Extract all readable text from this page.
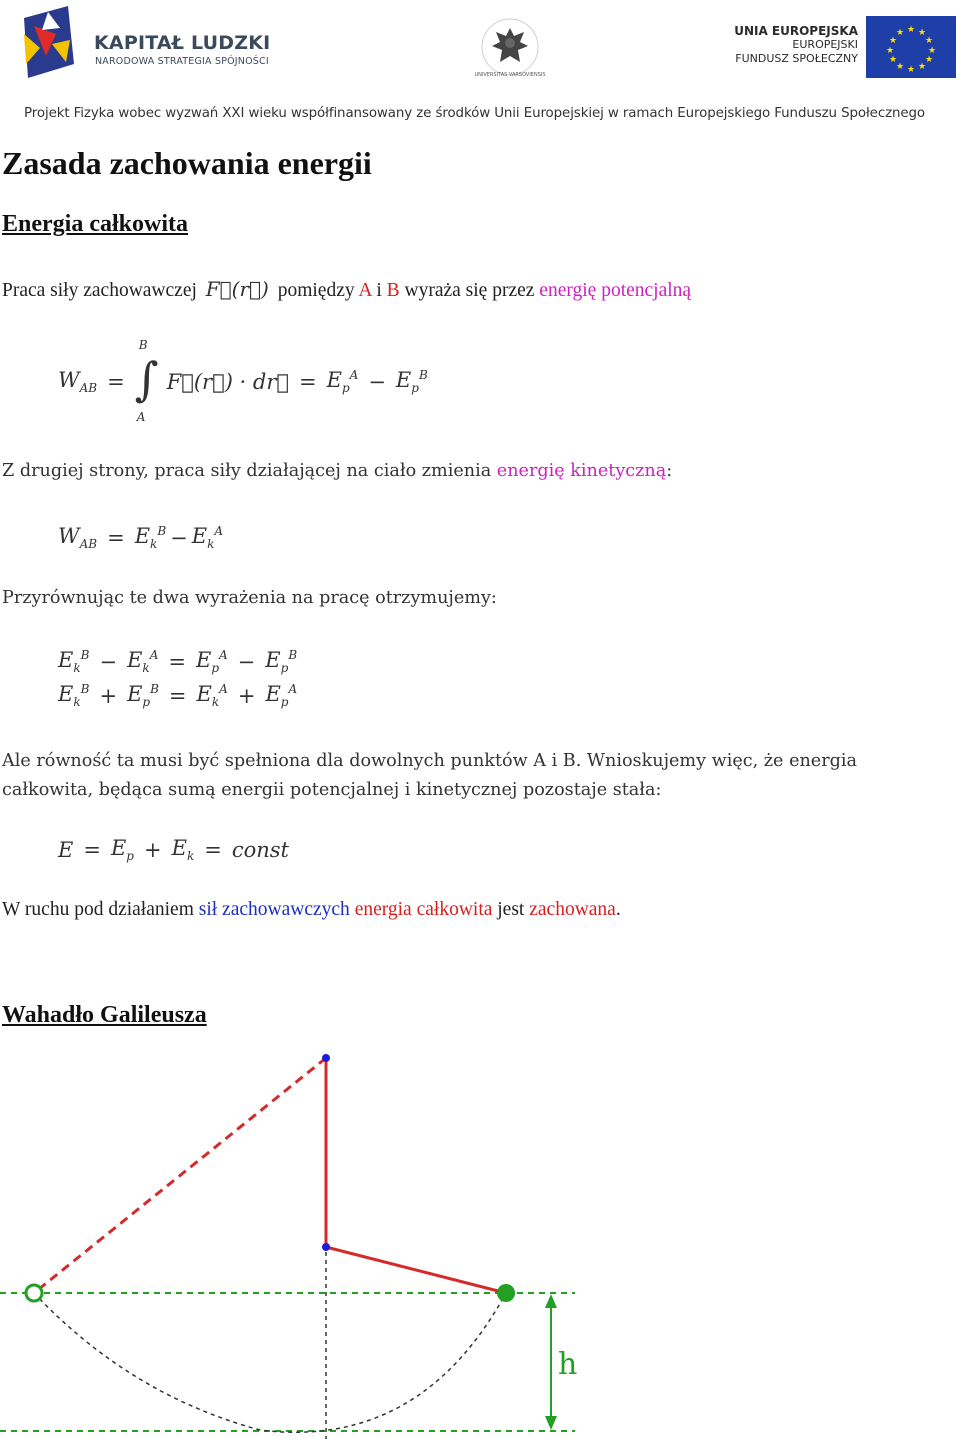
KAPITAŁ LUDZKI
NARODOWA STRATEGIA SPÓJNOŚCI
UNIVERSITAS VARSOVIENSIS
UNIA EUROPEJSKA
EUROPEJSKI
FUNDUSZ SPOŁECZNY
★ ★
★
★
★
★
★
★
★
★
★
★
Projekt Fizyka wobec wyzwań XXI wieku współfinansowany ze środków Unii Europejskiej w ramach Europejskiego Funduszu Społecznego
Zasada zachowania energii
Energia całkowita
Praca siły zachowawczej F⃗(r⃗) pomiędzy A i B wyraża się przez energię potencjalną
$W_{AB}$ =
B
∫
A
F⃗(r⃗) · dr⃗ = $E_p^A - E_p^B$
Z drugiej strony, praca siły działającej na ciało zmienia energię kinetyczną:
$W_{AB} = E_k^B - E_k^A$
Przyrównując te dwa wyrażenia na pracę otrzymujemy:
$E_k^B - E_k^A = E_p^A - E_p^B$
$E_k^B + E_p^B = E_k^A + E_p^A$
Ale równość ta musi być spełniona dla dowolnych punktów A i B. Wnioskujemy więc, że energia
całkowita, będąca sumą energii potencjalnej i kinetycznej pozostaje stała:
$E = E_p + E_k$ = const
W ruchu pod działaniem sił zachowawczych energia całkowita jest zachowana.
Wahadło Galileusza
h
